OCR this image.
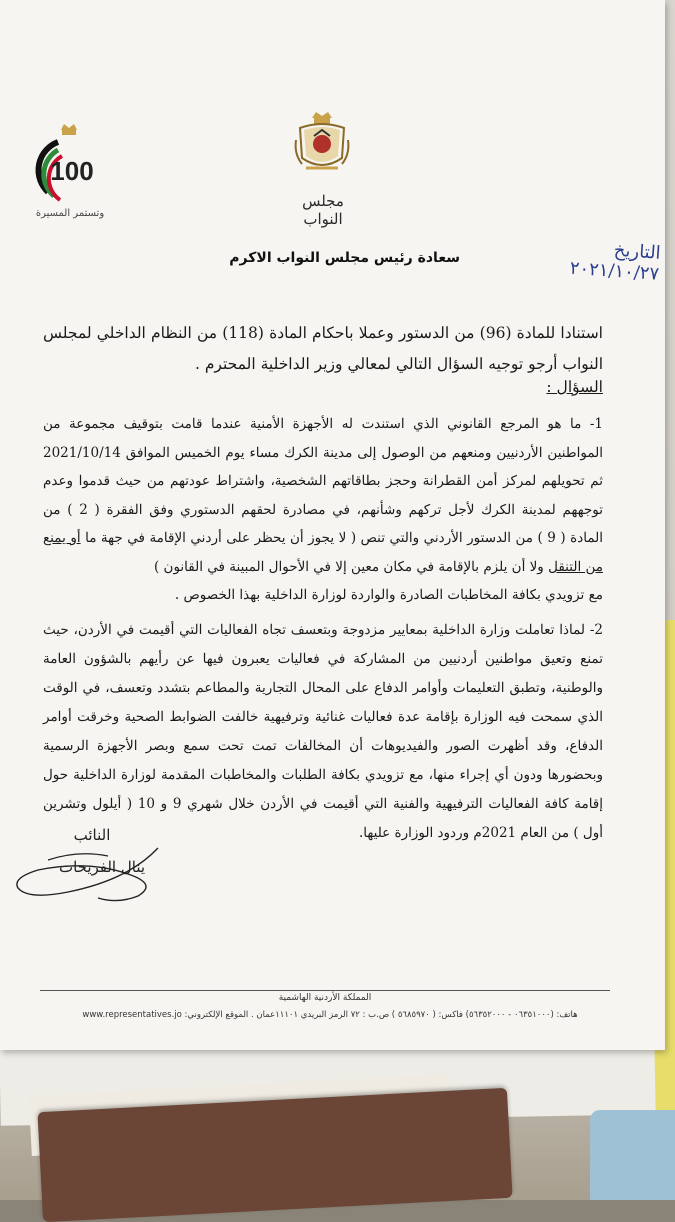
مجلس النواب
100
وتستمر المسيرة
التاريخ ٢٠٢١/١٠/٢٧
سعادة رئيس مجلس النواب الاكرم
استنادا للمادة (96) من الدستور وعملا باحكام المادة (118) من النظام الداخلي لمجلس النواب أرجو توجيه السؤال التالي لمعالي وزير الداخلية المحترم .
السؤال :
1- ما هو المرجع القانوني الذي استندت له الأجهزة الأمنية عندما قامت بتوقيف مجموعة من المواطنين الأردنيين ومنعهم من الوصول إلى مدينة الكرك مساء يوم الخميس الموافق 2021/10/14 ثم تحويلهم لمركز أمن القطرانة وحجز بطاقاتهم الشخصية، واشتراط عودتهم من حيث قدموا وعدم توجههم لمدينة الكرك لأجل تركهم وشأنهم، في مصادرة لحقهم الدستوري وفق الفقرة ( 2 ) من المادة ( 9 ) من الدستور الأردني والتي تنص ( لا يجوز أن يحظر على أردني الإقامة في جهة ما أو يمنع من التنقل ولا أن يلزم بالإقامة في مكان معين إلا في الأحوال المبينة في القانون )
مع تزويدي بكافة المخاطبات الصادرة والواردة لوزارة الداخلية بهذا الخصوص .
2- لماذا تعاملت وزارة الداخلية بمعايير مزدوجة وبتعسف تجاه الفعاليات التي أقيمت في الأردن، حيث تمنع وتعيق مواطنين أردنيين من المشاركة في فعاليات يعبرون فيها عن رأيهم بالشؤون العامة والوطنية، وتطبق التعليمات وأوامر الدفاع على المحال التجارية والمطاعم بتشدد وتعسف، في الوقت الذي سمحت فيه الوزارة بإقامة عدة فعاليات غنائية وترفيهية خالفت الضوابط الصحية وخرقت أوامر الدفاع، وقد أظهرت الصور والفيديوهات أن المخالفات تمت تحت سمع وبصر الأجهزة الرسمية وبحضورها ودون أي إجراء منها، مع تزويدي بكافة الطلبات والمخاطبات المقدمة لوزارة الداخلية حول إقامة كافة الفعاليات الترفيهية والفنية التي أقيمت في الأردن خلال شهري 9 و 10 ( أيلول وتشرين أول ) من العام 2021م وردود الوزارة عليها.
النائب
ينال الفريحات
المملكة الأردنية الهاشمية
هاتف: (٠٦٣٥١٠٠٠ - ٥٦٣٥٢٠٠٠) فاكس: ( ٥٦٨٥٩٧٠ ) ص.ب : ٧٢ الرمز البريدي ١١١٠١عمان . الموقع الإلكتروني: www.representatives.jo
